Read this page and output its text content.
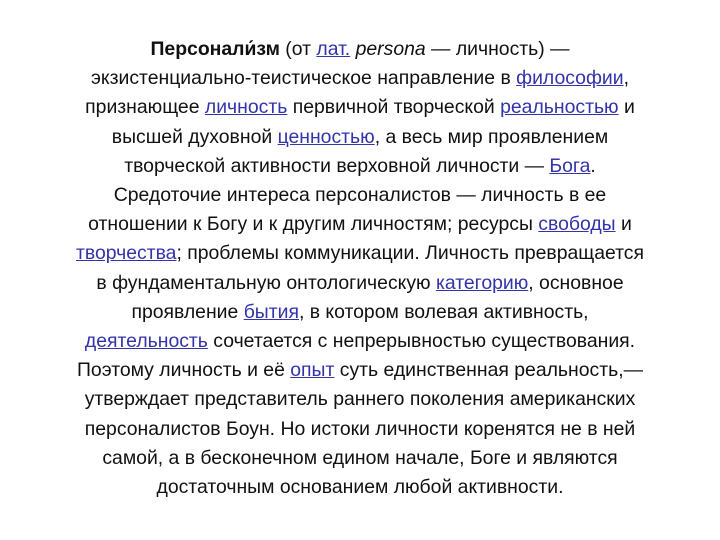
Персонали́зм (от лат. persona — личность) —
экзистенциально-теистическое направление в философии,
признающее личность первичной творческой реальностью и
высшей духовной ценностью, а весь мир проявлением
творческой активности верховной личности — Бога.
Средоточие интереса персоналистов — личность в ее
отношении к Богу и к другим личностям; ресурсы свободы и
творчества; проблемы коммуникации. Личность превращается
в фундаментальную онтологическую категорию, основное
проявление бытия, в котором волевая активность,
деятельность сочетается с непрерывностью существования.
Поэтому личность и её опыт суть единственная реальность,—
утверждает представитель раннего поколения американских
персоналистов Боун. Но истоки личности коренятся не в ней
самой, а в бесконечном едином начале, Боге и являются
достаточным основанием любой активности.
